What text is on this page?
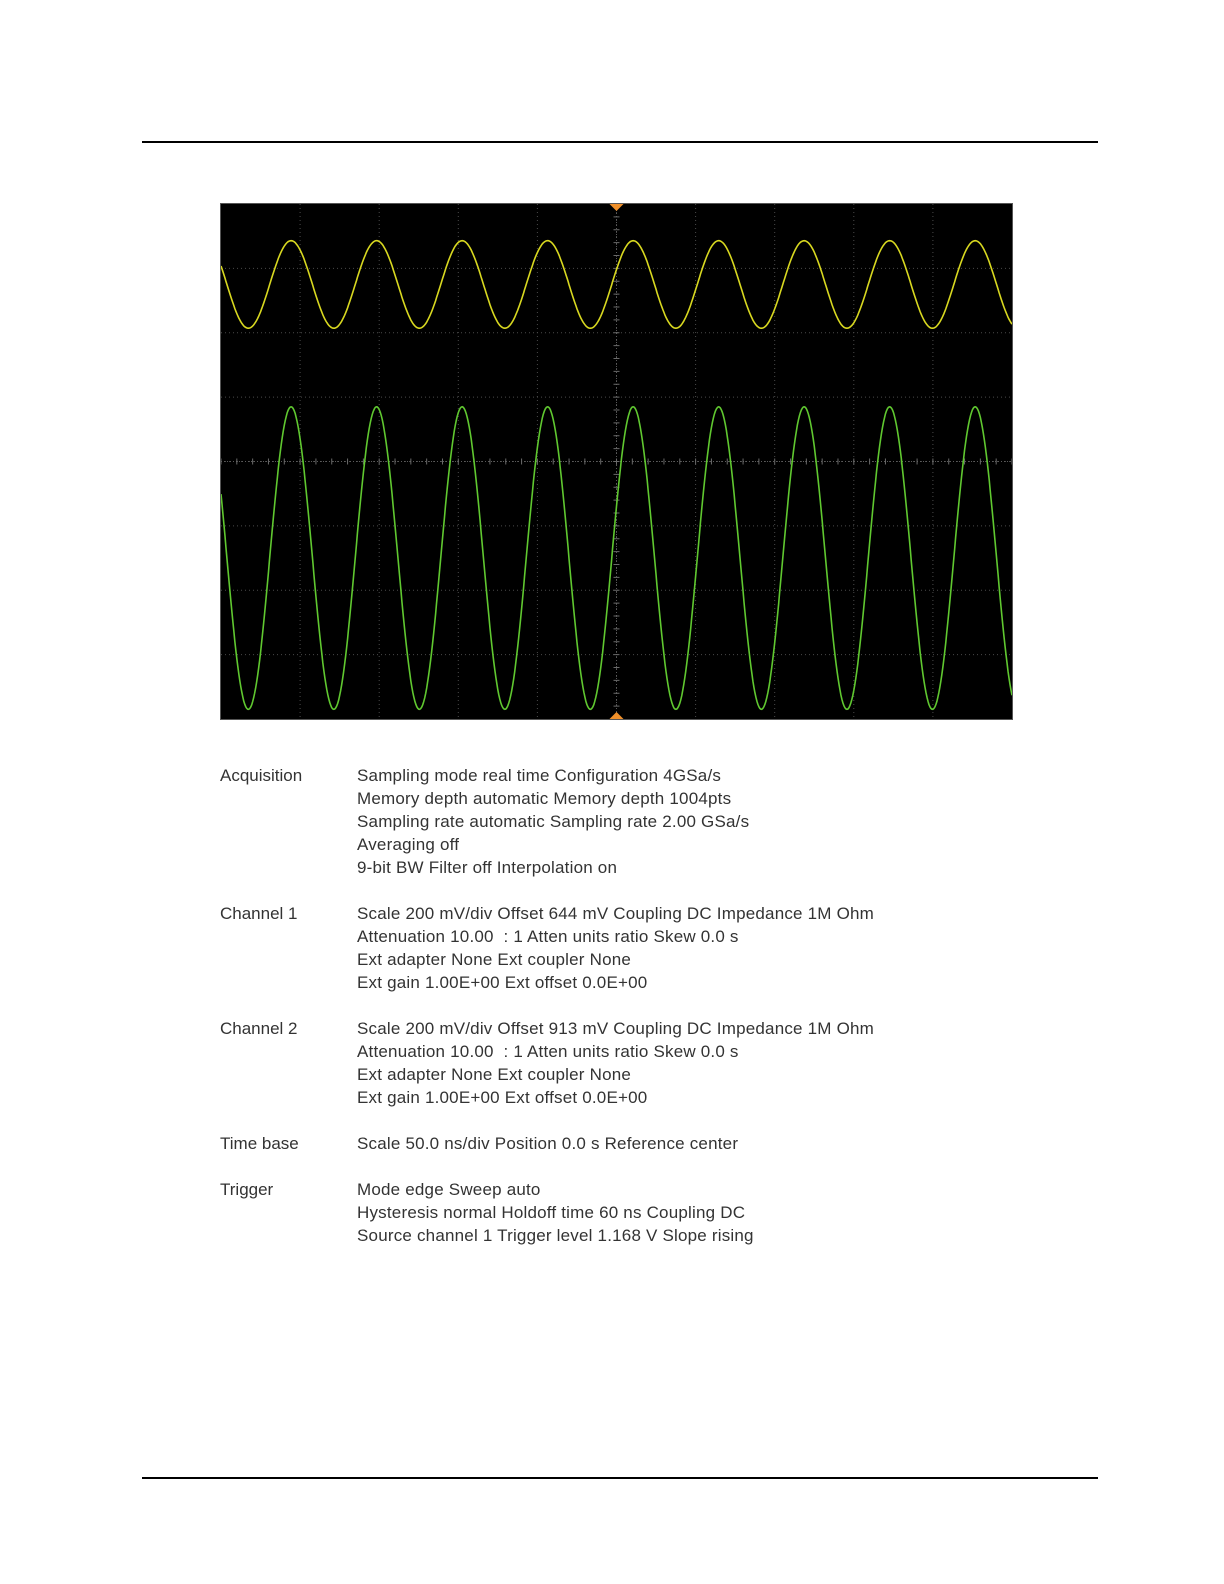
Acquisition	Sampling mode real time Configuration 4GSa/s
Memory depth automatic Memory depth 1004pts
Sampling rate automatic Sampling rate 2.00 GSa/s
Averaging off
9-bit BW Filter off Interpolation on
Channel 1	Scale 200 mV/div Offset 644 mV Coupling DC Impedance 1M Ohm
Attenuation 10.00  : 1 Atten units ratio Skew 0.0 s
Ext adapter None Ext coupler None
Ext gain 1.00E+00 Ext offset 0.0E+00
Channel 2	Scale 200 mV/div Offset 913 mV Coupling DC Impedance 1M Ohm
Attenuation 10.00  : 1 Atten units ratio Skew 0.0 s
Ext adapter None Ext coupler None
Ext gain 1.00E+00 Ext offset 0.0E+00
Time base	Scale 50.0 ns/div Position 0.0 s Reference center
Trigger	Mode edge Sweep auto
Hysteresis normal Holdoff time 60 ns Coupling DC
Source channel 1 Trigger level 1.168 V Slope rising
